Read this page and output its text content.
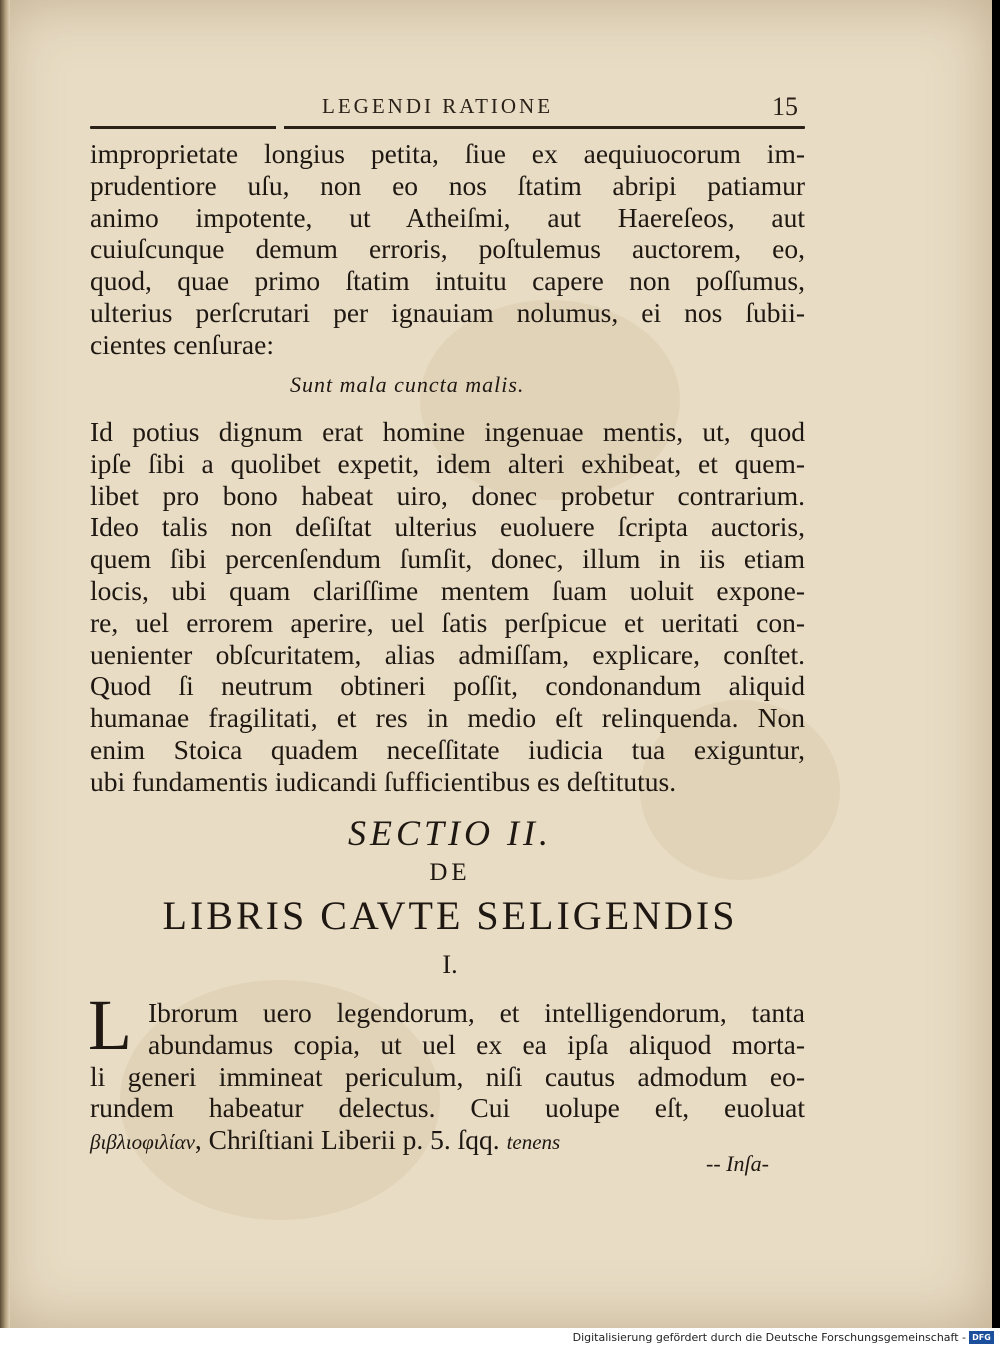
LEGENDI RATIONE	15
improprietate longius petita, ſiue ex aequiuocorum im-
prudentiore uſu, non eo nos ſtatim abripi patiamur
animo impotente, ut Atheiſmi, aut Haereſeos, aut
cuiuſcunque demum erroris, poſtulemus auctorem, eo,
quod, quae primo ſtatim intuitu capere non poſſumus,
ulterius perſcrutari per ignauiam nolumus, ei nos ſubii-
cientes cenſurae:
Sunt mala cuncta malis.
Id potius dignum erat homine ingenuae mentis, ut, quod
ipſe ſibi a quolibet expetit, idem alteri exhibeat, et quem-
libet pro bono habeat uiro, donec probetur contrarium.
Ideo talis non deſiſtat ulterius euoluere ſcripta auctoris,
quem ſibi percenſendum ſumſit, donec, illum in iis etiam
locis, ubi quam clariſſime mentem ſuam uoluit expone-
re, uel errorem aperire, uel ſatis perſpicue et ueritati con-
uenienter obſcuritatem, alias admiſſam, explicare, conſtet.
Quod ſi neutrum obtineri poſſit, condonandum aliquid
humanae fragilitati, et res in medio eſt relinquenda. Non
enim Stoica quadem neceſſitate iudicia tua exiguntur,
ubi fundamentis iudicandi ſufficientibus es deſtitutus.
SECTIO II.
DE
LIBRIS CAVTE SELIGENDIS
I.
L Ibrorum uero legendorum, et intelligendorum, tanta
abundamus copia, ut uel ex ea ipſa aliquod morta-
li generi immineat periculum, niſi cautus admodum eo-
rundem habeatur delectus. Cui uolupe eſt, euoluat
βιβλιοφιλίαν, Chriſtiani Liberii p. 5. ſqq. tenens
-- Inſa-
Digitalisierung gefördert durch die Deutsche Forschungsgemeinschaft - DFG
